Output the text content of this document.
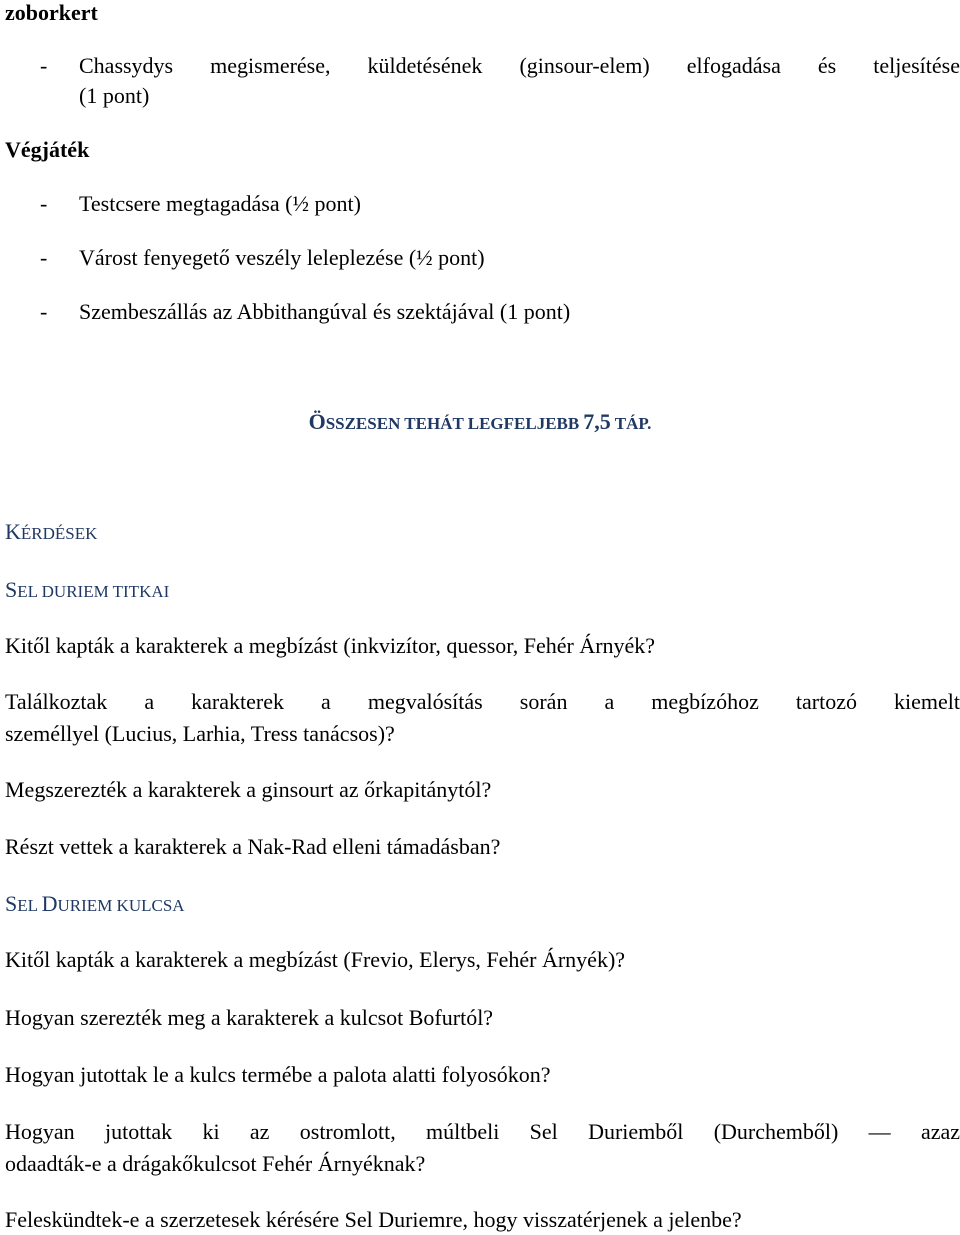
zoborkert
- Chassydys megismerése, küldetésének (ginsour-elem) elfogadása és teljesítése
(1 pont)
Végjáték
- Testcsere megtagadása (½ pont)
- Várost fenyegető veszély leleplezése (½ pont)
- Szembeszállás az Abbithangúval és szektájával (1 pont)
ÖSSZESEN TEHÁT LEGFELJEBB 7,5 TÁP.
KÉRDÉSEK
SEL DURIEM TITKAI
Kitől kapták a karakterek a megbízást (inkvizítor, quessor, Fehér Árnyék?
Találkoztak a karakterek a megvalósítás során a megbízóhoz tartozó kiemelt
személlyel (Lucius, Larhia, Tress tanácsos)?
Megszerezték a karakterek a ginsourt az őrkapitánytól?
Részt vettek a karakterek a Nak-Rad elleni támadásban?
SEL DURIEM KULCSA
Kitől kapták a karakterek a megbízást (Frevio, Elerys, Fehér Árnyék)?
Hogyan szerezték meg a karakterek a kulcsot Bofurtól?
Hogyan jutottak le a kulcs termébe a palota alatti folyosókon?
Hogyan jutottak ki az ostromlott, múltbeli Sel Duriemből (Durchemből) — azaz
odaadták-e a drágakőkulcsot Fehér Árnyéknak?
Feleskündtek-e a szerzetesek kérésére Sel Duriemre, hogy visszatérjenek a jelenbe?
